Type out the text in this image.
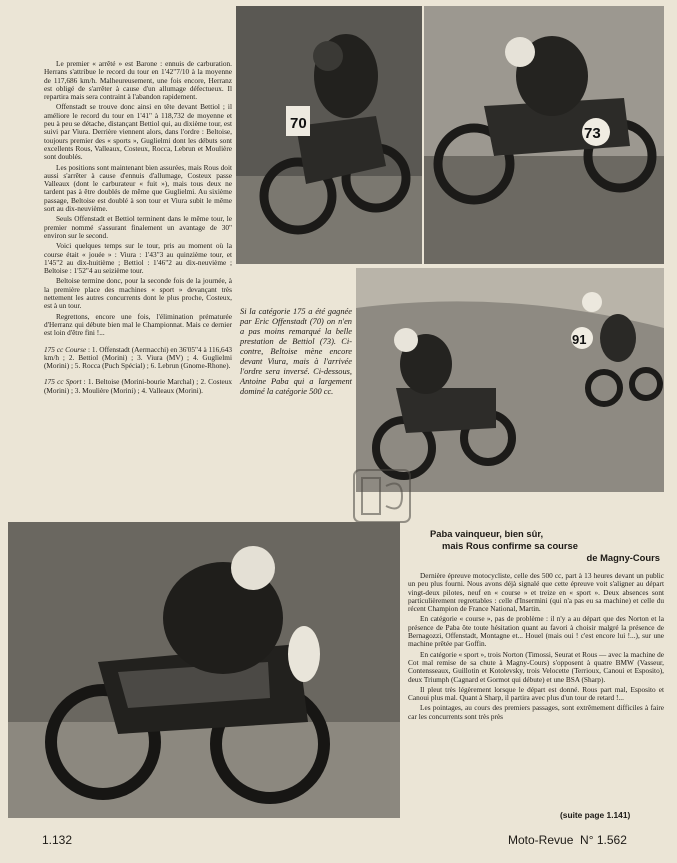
Le premier « arrêté » est Barone : ennuis de carburation. Herrans s'attribue le record du tour en 1'42"7/10 à la moyenne de 117,686 km/h. Malheureusement, une fois encore, Herranz est obligé de s'arrêter à cause d'un allumage défectueux. Il repartira mais sera contraint à l'abandon rapidement.

Offenstadt se trouve donc ainsi en tête devant Bettiol ; il améliore le record du tour en 1'41" à 118,732 de moyenne et peu à peu se détache, distançant Bettiol qui, au dixième tour, est suivi par Viura. Derrière viennent alors, dans l'ordre : Beltoise, toujours premier des « sports », Guglielmi dont les débuts sont excellents Rous, Valleaux, Costeux, Rocca, Lebrun et Moulière sont doublés.

Les positions sont maintenant bien assurées, mais Rous doit aussi s'arrêter à cause d'ennuis d'allumage, Costeux passe Valleaux (dont le carburateur « fuit »), mais tous deux ne tardent pas à être doublés de même que Guglielmi. Au sixième passage, Beltoise est doublé à son tour et Viura subit le même sort au dix-neuvième.

Seuls Offenstadt et Bettiol terminent dans le même tour, le premier nommé s'assurant finalement un avantage de 30" environ sur le second.

Voici quelques temps sur le tour, pris au moment où la course était « jouée » : Viura : 1'43"3 au quinzième tour, et 1'45"2 au dix-huitième ; Bettiol : 1'46"2 au dix-neuvième ; Beltoise : 1'52"4 au seizième tour.

Beltoise termine donc, pour la seconde fois de la journée, à la première place des machines « sport » devançant très nettement les autres concurrents dont le plus proche, Costeux, est à un tour.

Regrettons, encore une fois, l'élimination prématurée d'Herranz qui débute bien mal le Championnat. Mais ce dernier est loin d'être fini !...

175 cc Course : 1. Offenstadt (Aermacchi) en 36'05"4 à 116,643 km/h ; 2. Bettiol (Morini) ; 3. Viura (MV) ; 4. Guglielmi (Morini) ; 5. Rocca (Puch Spécial) ; 6. Lebrun (Gnome-Rhone).

175 cc Sport : 1. Beltoise (Morini-bourie Marchal) ; 2. Costeux (Morini) ; 3. Moulière (Morini) ; 4. Valleaux (Morini).

70
73
Si la catégorie 175 a été gagnée par Eric Offenstadt (70) on n'en a pas moins remarqué la belle prestation de Bettiol (73). Ci-contre, Beltoise mène encore devant Viura, mais à l'arrivée l'ordre sera inversé. Ci-dessous, Antoine Paba qui a largement dominé la catégorie 500 cc.
91
Paba vainqueur, bien sûr,
mais Rous confirme sa course
de Magny-Cours

Dernière épreuve motocycliste, celle des 500 cc, part à 13 heures devant un public un peu plus fourni. Nous avons déjà signalé que cette épreuve voit s'aligner au départ vingt-deux pilotes, neuf en « course » et treize en « sport ». Deux absences sont particulièrement regrettables : celle d'Insermini (qui n'a pas eu sa machine) et celle du récent Champion de France National, Martin.

En catégorie « course », pas de problème : il n'y a au départ que des Norton et la présence de Paba ôte toute hésitation quant au favori à choisir malgré la présence de Bernagozzi, Offenstadt, Montagne et... Houel (mais oui ! c'est encore lui !...), sur une machine prêtée par Goffin.

En catégorie « sport », trois Norton (Timossi, Seurat et Rous — avec la machine de Cot mal remise de sa chute à Magny-Cours) s'opposent à quatre BMW (Vasseur, Contensseaux, Guillotin et Kotolevsky, trois Velocette (Terrioux, Canoui et Esposito), deux Triumph (Cagnard et Gormot qui débute) et une BSA (Sharp).

Il pleut très légèrement lorsque le départ est donné. Rous part mal, Esposito et Canoui plus mal. Quant à Sharp, il partira avec plus d'un tour de retard !...

Les pointages, au cours des premiers passages, sont extrêmement difficiles à faire car les concurrents sont très près

(suite page 1.141)
1.132	Moto-Revue N° 1.562
